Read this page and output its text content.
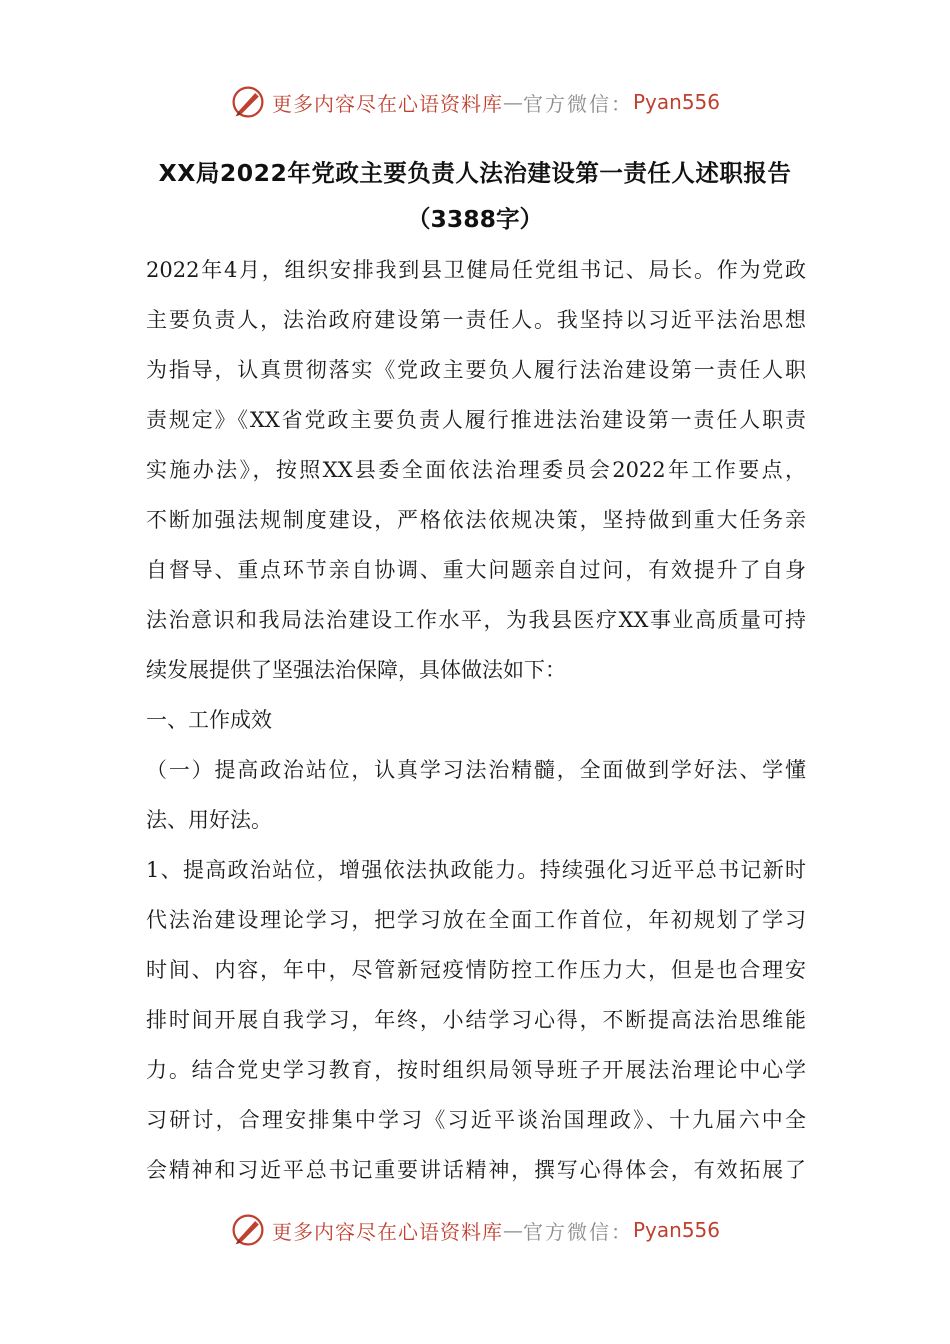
更多内容尽在心语资料库 — 官方微信： Pyan556
XX局2022年党政主要负责人法治建设第一责任人述职报告
（3388字）
2022年4月，组织安排我到县卫健局任党组书记、局长。作为党政
主要负责人，法治政府建设第一责任人。我坚持以习近平法治思想
为指导，认真贯彻落实《党政主要负人履行法治建设第一责任人职
责规定》《XX省党政主要负责人履行推进法治建设第一责任人职责
实施办法》，按照XX县委全面依法治理委员会2022年工作要点，
不断加强法规制度建设，严格依法依规决策，坚持做到重大任务亲
自督导、重点环节亲自协调、重大问题亲自过问，有效提升了自身
法治意识和我局法治建设工作水平，为我县医疗XX事业高质量可持
续发展提供了坚强法治保障，具体做法如下：
一、工作成效
（一）提高政治站位，认真学习法治精髓，全面做到学好法、学懂
法、用好法。
1、提高政治站位，增强依法执政能力。持续强化习近平总书记新时
代法治建设理论学习，把学习放在全面工作首位，年初规划了学习
时间、内容，年中，尽管新冠疫情防控工作压力大，但是也合理安
排时间开展自我学习，年终，小结学习心得，不断提高法治思维能
力。结合党史学习教育，按时组织局领导班子开展法治理论中心学
习研讨，合理安排集中学习《习近平谈治国理政》、十九届六中全
会精神和习近平总书记重要讲话精神，撰写心得体会，有效拓展了
更多内容尽在心语资料库 — 官方微信： Pyan556
